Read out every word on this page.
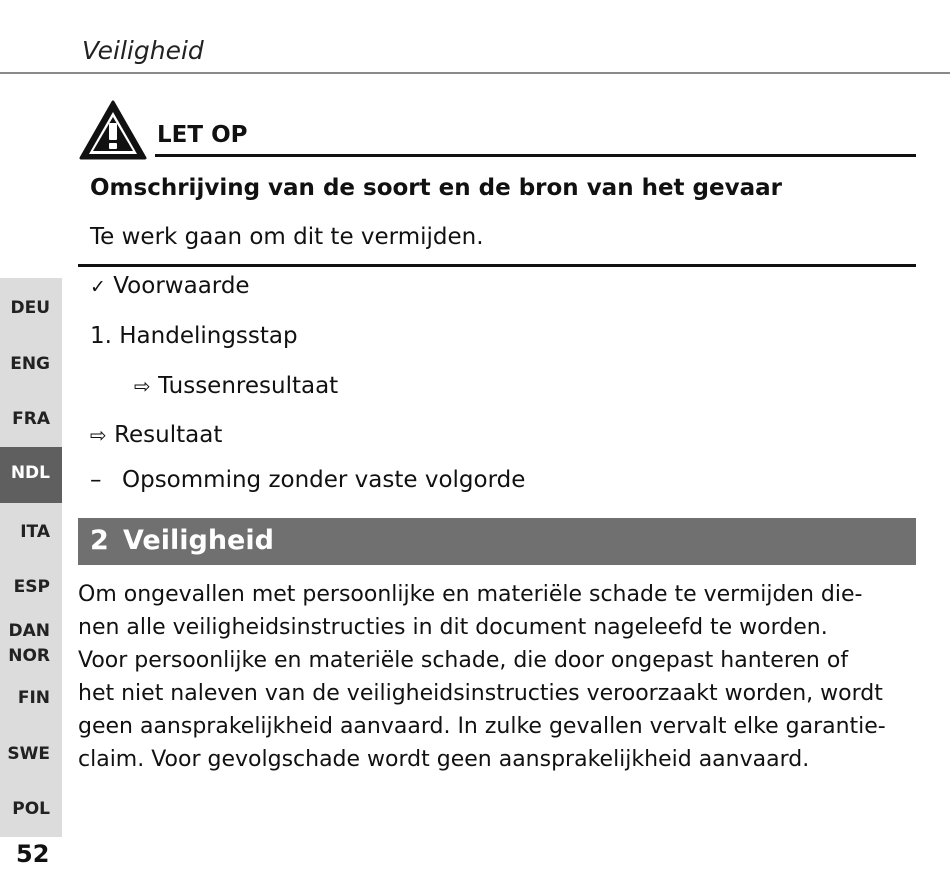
Veiligheid
LET OP
Omschrijving van de soort en de bron van het gevaar
Te werk gaan om dit te vermijden.
✓ Voorwaarde
1. Handelingsstap
⇨ Tussenresultaat
⇨ Resultaat
– Opsomming zonder vaste volgorde
2 Veiligheid
Om ongevallen met persoonlijke en materiële schade te vermijden die-
nen alle veiligheidsinstructies in dit document nageleefd te worden.
Voor persoonlijke en materiële schade, die door ongepast hanteren of
het niet naleven van de veiligheidsinstructies veroorzaakt worden, wordt
geen aansprakelijkheid aanvaard. In zulke gevallen vervalt elke garantie-
claim. Voor gevolgschade wordt geen aansprakelijkheid aanvaard.
DEU
ENG
FRA
NDL
ITA
ESP
DAN
NOR
FIN
SWE
POL
52
